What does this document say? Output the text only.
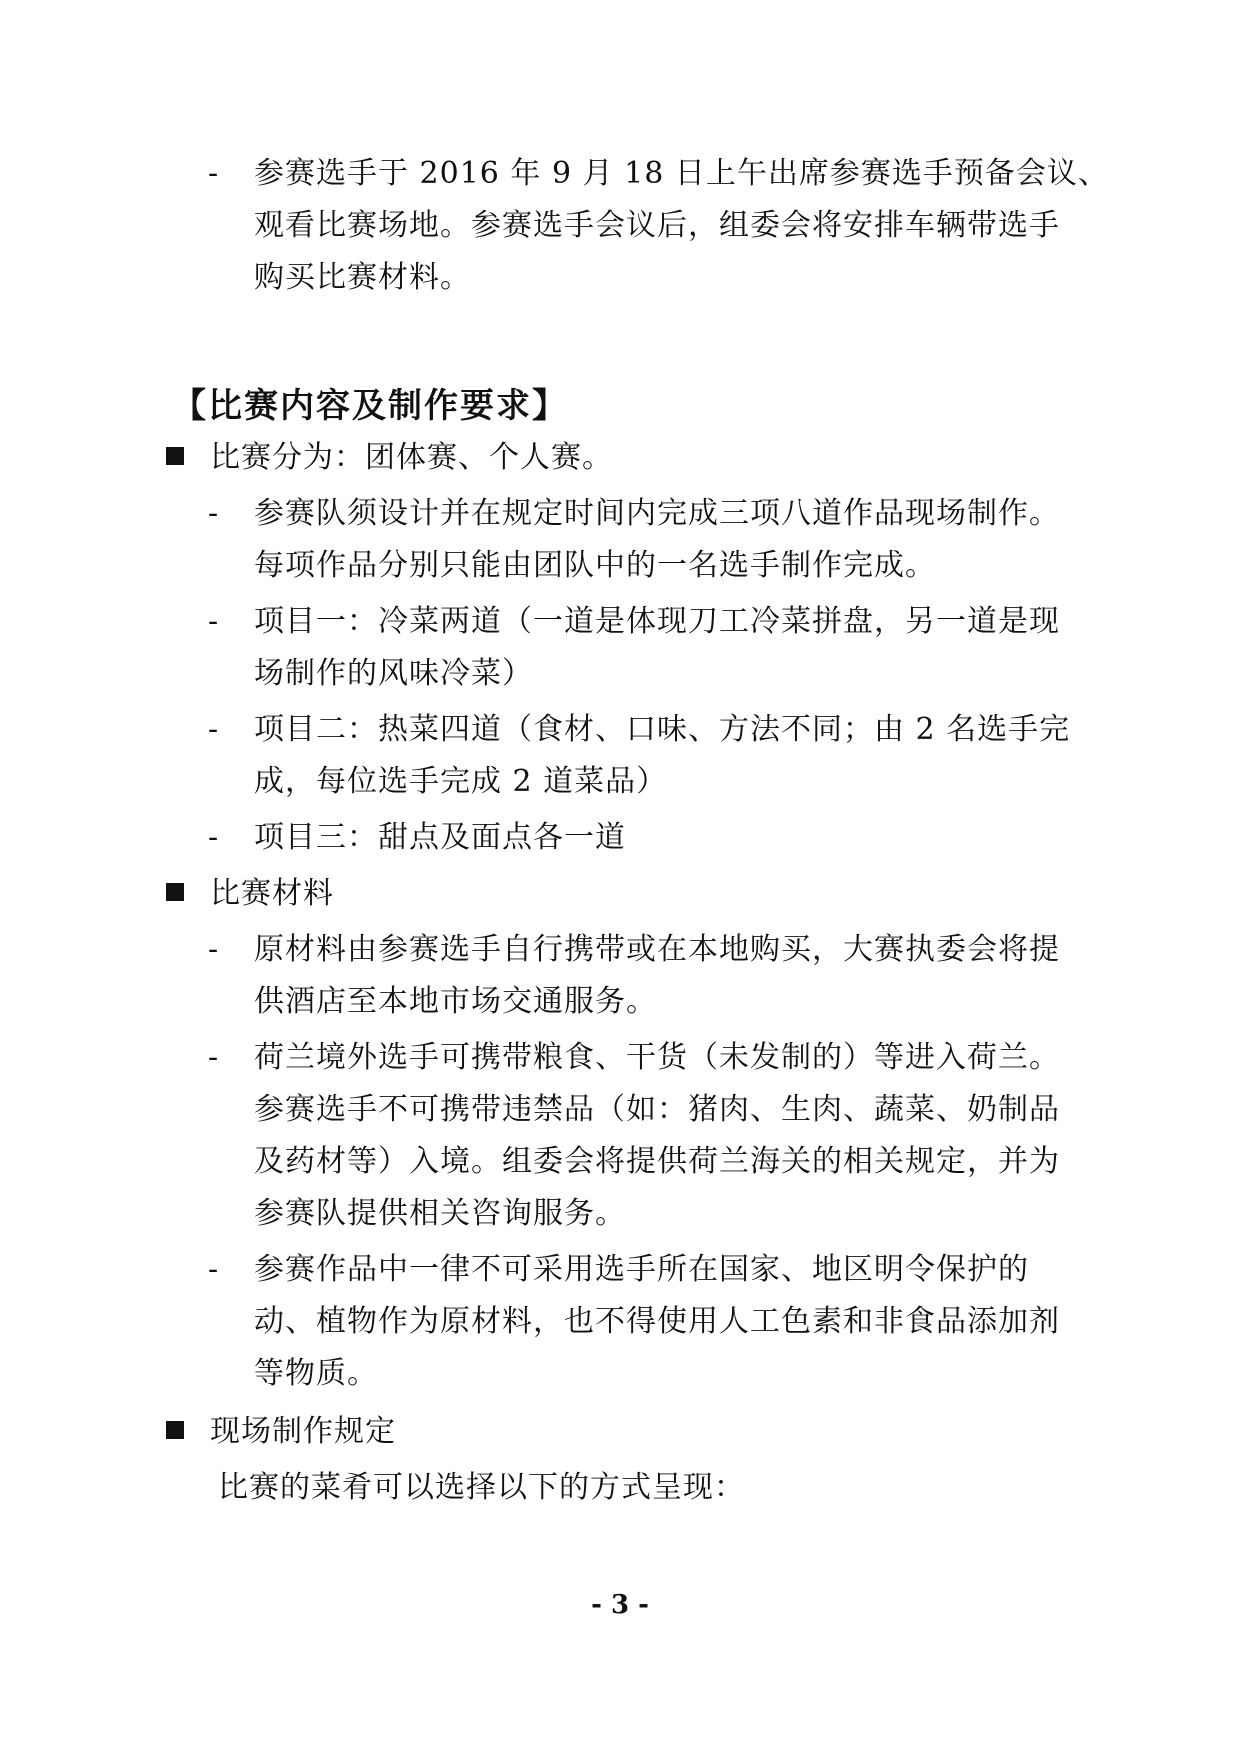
- 参赛选手于 2016 年 9 月 18 日上午出席参赛选手预备会议、
观看比赛场地。参赛选手会议后，组委会将安排车辆带选手
购买比赛材料。
【比赛内容及制作要求】
比赛分为：团体赛、个人赛。
- 参赛队须设计并在规定时间内完成三项八道作品现场制作。
每项作品分别只能由团队中的一名选手制作完成。
- 项目一：冷菜两道（一道是体现刀工冷菜拼盘，另一道是现
场制作的风味冷菜）
- 项目二：热菜四道（食材、口味、方法不同；由 2 名选手完
成，每位选手完成 2 道菜品）
- 项目三：甜点及面点各一道
比赛材料
- 原材料由参赛选手自行携带或在本地购买，大赛执委会将提
供酒店至本地市场交通服务。
- 荷兰境外选手可携带粮食、干货（未发制的）等进入荷兰。
参赛选手不可携带违禁品（如：猪肉、生肉、蔬菜、奶制品
及药材等）入境。组委会将提供荷兰海关的相关规定，并为
参赛队提供相关咨询服务。
- 参赛作品中一律不可采用选手所在国家、地区明令保护的
动、植物作为原材料，也不得使用人工色素和非食品添加剂
等物质。
现场制作规定
比赛的菜肴可以选择以下的方式呈现：
- 3 -
